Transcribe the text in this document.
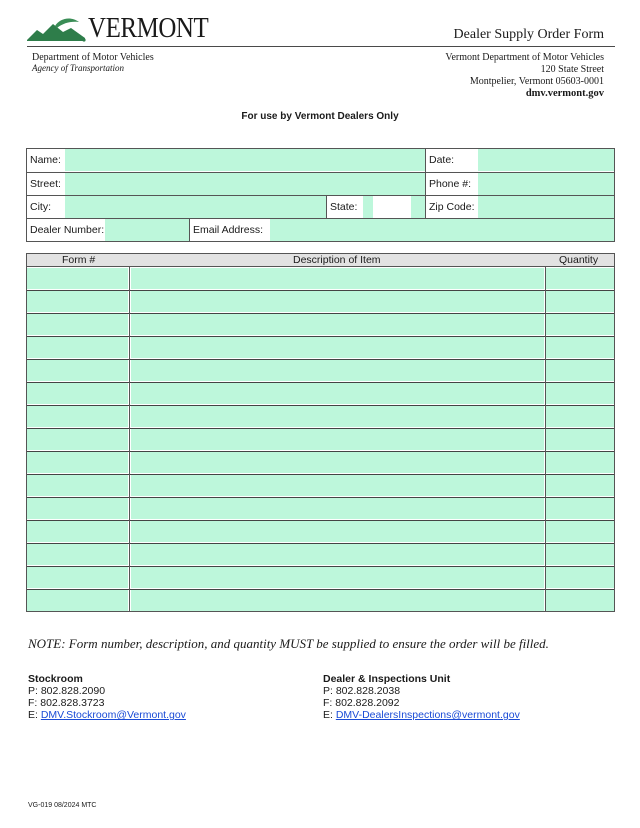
VERMONT	Dealer Supply Order Form
Department of Motor Vehicles
Agency of Transportation
Vermont Department of Motor Vehicles
120 State Street
Montpelier, Vermont 05603-0001
dmv.vermont.gov
For use by Vermont Dealers Only
Name:	Date:
Street:	Phone #:
City:	State:	Zip Code:
Dealer Number:	Email Address:
Form #	Description of Item	Quantity
NOTE: Form number, description, and quantity MUST be supplied to ensure the order will be filled.
Stockroom
P: 802.828.2090
F: 802.828.3723
E: DMV.Stockroom@Vermont.gov
Dealer & Inspections Unit
P: 802.828.2038
F: 802.828.2092
E: DMV-DealersInspections@vermont.gov
VG-019 08/2024 MTC
